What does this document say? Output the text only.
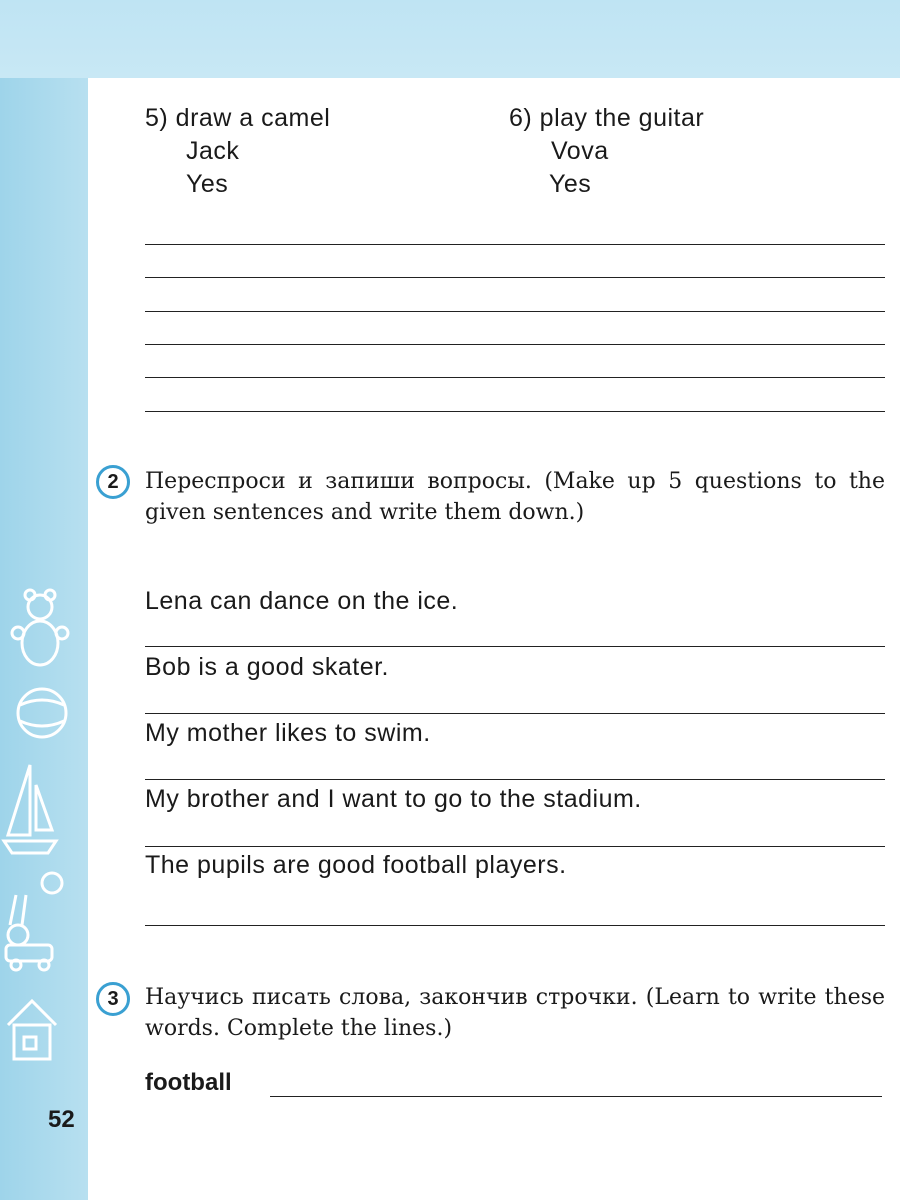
5) draw a camel
Jack
Yes
6) play the guitar
Vova
Yes
2	Переспроси и запиши вопросы. (Make up 5 questions to the given sentences and write them down.)
Lena can dance on the ice.
Bob is a good skater.
My mother likes to swim.
My brother and I want to go to the stadium.
The pupils are good football players.
3	Научись писать слова, закончив строчки. (Learn to write these words. Complete the lines.)
football
52
